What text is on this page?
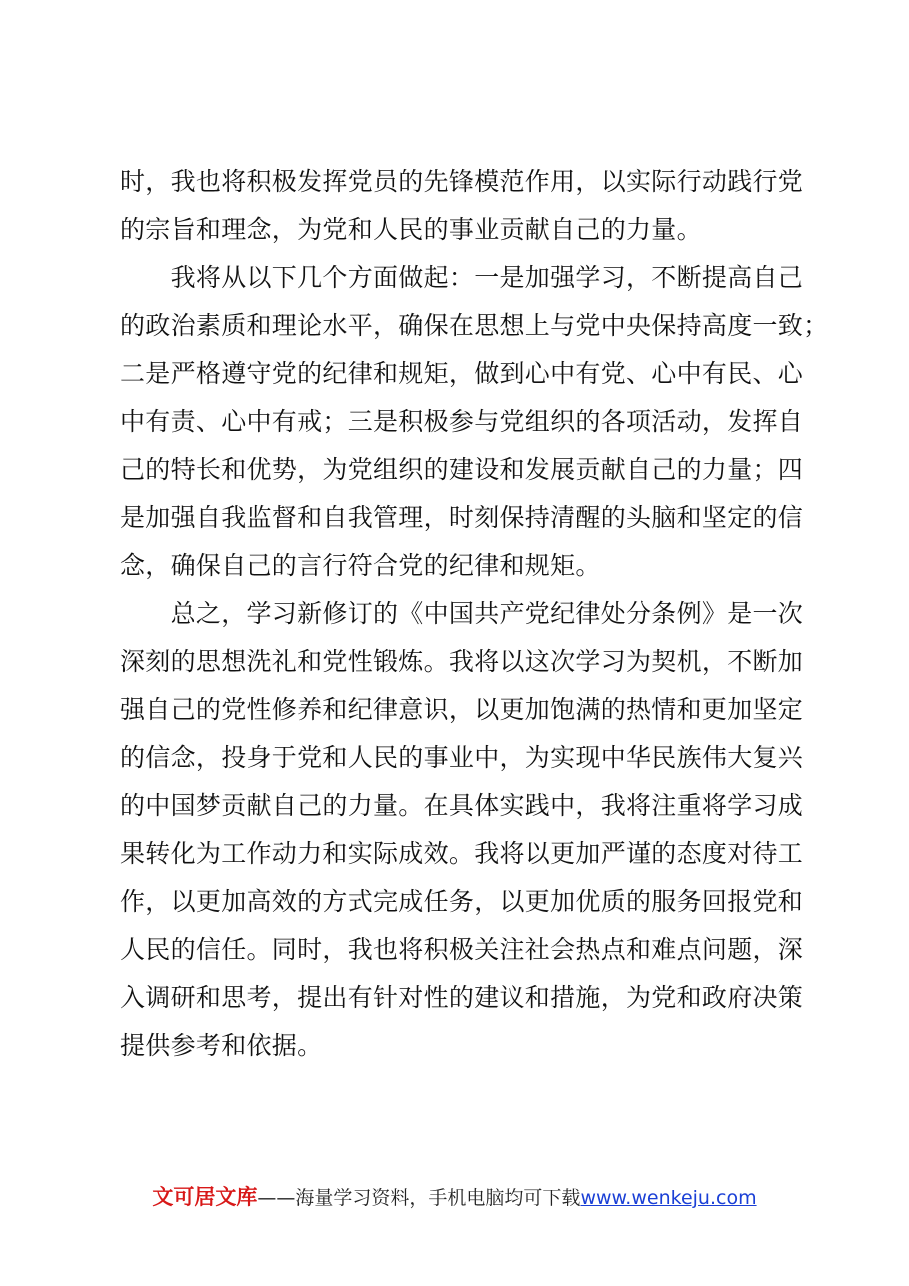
时，我也将积极发挥党员的先锋模范作用，以实际行动践行党
的宗旨和理念，为党和人民的事业贡献自己的力量。
　　我将从以下几个方面做起：一是加强学习，不断提高自己
的政治素质和理论水平，确保在思想上与党中央保持高度一致；
二是严格遵守党的纪律和规矩，做到心中有党、心中有民、心
中有责、心中有戒；三是积极参与党组织的各项活动，发挥自
己的特长和优势，为党组织的建设和发展贡献自己的力量；四
是加强自我监督和自我管理，时刻保持清醒的头脑和坚定的信
念，确保自己的言行符合党的纪律和规矩。
　　总之，学习新修订的《中国共产党纪律处分条例》是一次
深刻的思想洗礼和党性锻炼。我将以这次学习为契机，不断加
强自己的党性修养和纪律意识，以更加饱满的热情和更加坚定
的信念，投身于党和人民的事业中，为实现中华民族伟大复兴
的中国梦贡献自己的力量。在具体实践中，我将注重将学习成
果转化为工作动力和实际成效。我将以更加严谨的态度对待工
作，以更加高效的方式完成任务，以更加优质的服务回报党和
人民的信任。同时，我也将积极关注社会热点和难点问题，深
入调研和思考，提出有针对性的建议和措施，为党和政府决策
提供参考和依据。
文可居文库——海量学习资料，手机电脑均可下载www.wenkeju.com
